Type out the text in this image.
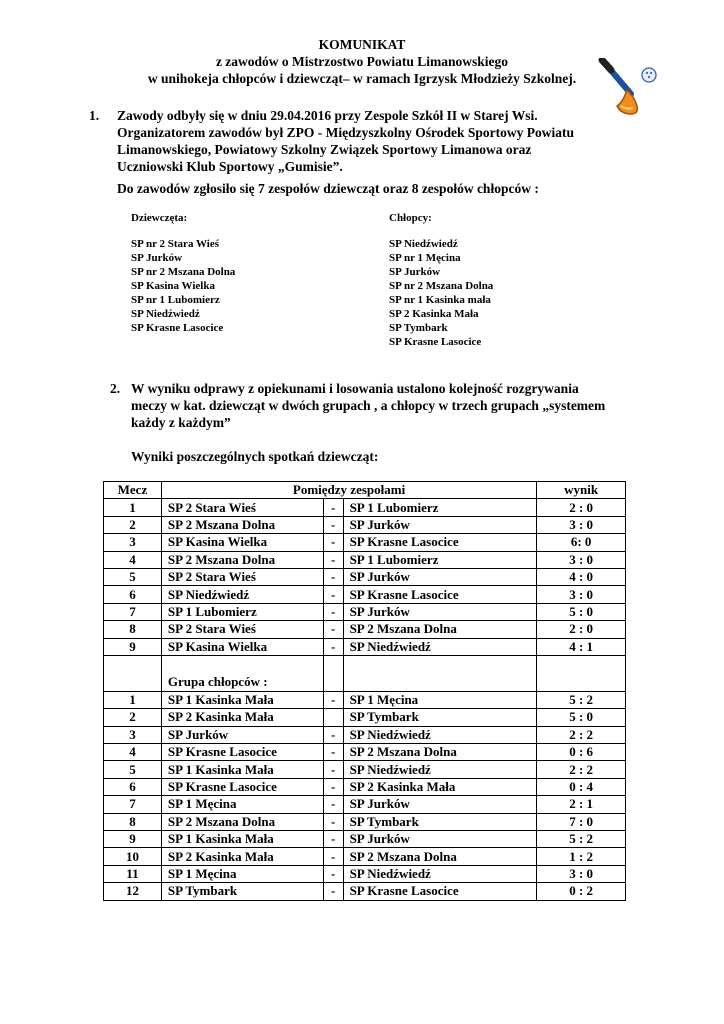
KOMUNIKAT
z zawodów o Mistrzostwo Powiatu Limanowskiego
w unihokeja chłopców i dziewcząt– w ramach Igrzysk Młodzieży Szkolnej.
1. Zawody odbyły się w dniu 29.04.2016 przy Zespole Szkół II w Starej Wsi.
Organizatorem zawodów był ZPO - Międzyszkolny Ośrodek Sportowy Powiatu
Limanowskiego, Powiatowy Szkolny Związek Sportowy Limanowa oraz
Uczniowski Klub Sportowy „Gumisie”.
Do zawodów zgłosiło się 7 zespołów dziewcząt oraz 8 zespołów chłopców :
Dziewczęta:
SP nr 2 Stara Wieś
SP Jurków
SP nr 2 Mszana Dolna
SP Kasina Wielka
SP nr 1 Lubomierz
SP Niedźwiedź
SP Krasne Lasocice
Chłopcy:
SP Niedźwiedź
SP nr 1 Męcina
SP Jurków
SP nr 2 Mszana Dolna
SP nr 1 Kasinka mała
SP 2 Kasinka Mała
SP Tymbark
SP Krasne Lasocice
2. W wyniku odprawy z opiekunami i losowania ustalono kolejność rozgrywania
meczy w kat. dziewcząt w dwóch grupach , a chłopcy w trzech grupach „systemem
każdy z każdym”
Wyniki poszczególnych spotkań dziewcząt:
Mecz	Pomiędzy zespołami			wynik
1	SP 2 Stara Wieś	-	SP 1 Lubomierz	2 : 0
2	SP 2 Mszana Dolna	-	SP Jurków	3 : 0
3	SP Kasina Wielka	-	SP Krasne Lasocice	6: 0
4	SP 2 Mszana Dolna	-	SP 1 Lubomierz	3 : 0
5	SP 2 Stara Wieś	-	SP Jurków	4 : 0
6	SP Niedźwiedź	-	SP Krasne Lasocice	3 : 0
7	SP 1 Lubomierz	-	SP Jurków	5 : 0
8	SP 2 Stara Wieś	-	SP 2 Mszana Dolna	2 : 0
9	SP Kasina Wielka	-	SP Niedźwiedź	4 : 1
	Grupa chłopców :			
1	SP 1 Kasinka Mała	-	SP 1 Męcina	5 : 2
2	SP 2 Kasinka Mała		SP Tymbark	5 : 0
3	SP Jurków	-	SP Niedźwiedź	2 : 2
4	SP Krasne Lasocice	-	SP 2 Mszana Dolna	0 : 6
5	SP 1 Kasinka Mała	-	SP Niedźwiedź	2 : 2
6	SP Krasne Lasocice	-	SP 2 Kasinka Mała	0 : 4
7	SP 1 Męcina	-	SP Jurków	2 : 1
8	SP 2 Mszana Dolna	-	SP Tymbark	7 : 0
9	SP 1 Kasinka Mała	-	SP Jurków	5 : 2
10	SP 2 Kasinka Mała	-	SP 2 Mszana Dolna	1 : 2
11	SP 1 Męcina	-	SP Niedźwiedź	3 : 0
12	SP Tymbark	-	SP Krasne Lasocice	0 : 2
